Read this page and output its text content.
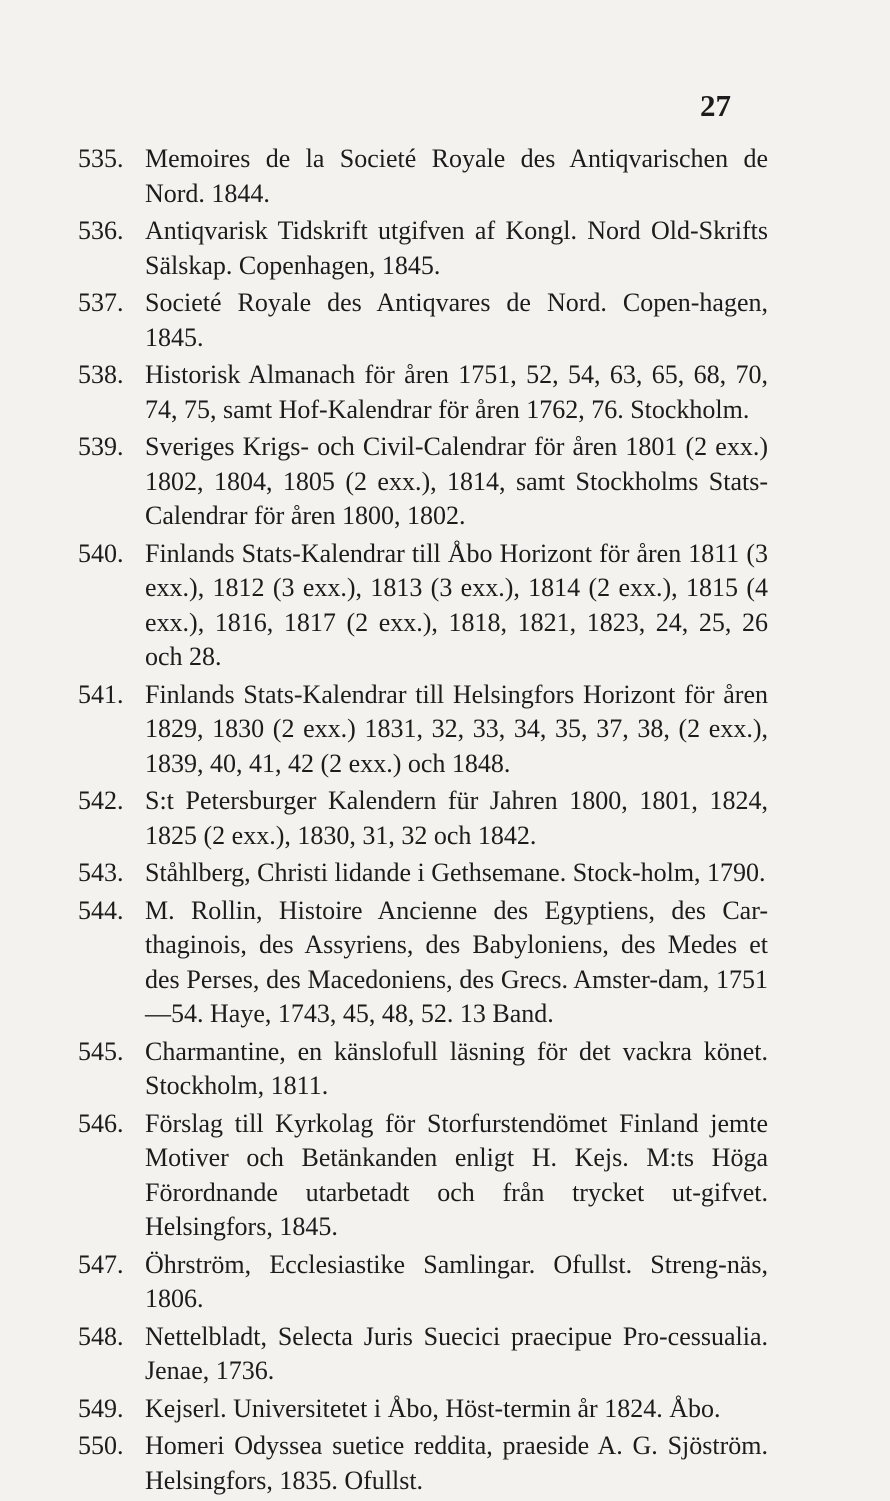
27
535. Memoires de la Societé Royale des Antiqvarischen de Nord. 1844.
536. Antiqvarisk Tidskrift utgifven af Kongl. Nord Old-Skrifts Sälskap. Copenhagen, 1845.
537. Societé Royale des Antiqvares de Nord. Copen-hagen, 1845.
538. Historisk Almanach för åren 1751, 52, 54, 63, 65, 68, 70, 74, 75, samt Hof-Kalendrar för åren 1762, 76. Stockholm.
539. Sveriges Krigs- och Civil-Calendrar för åren 1801 (2 exx.) 1802, 1804, 1805 (2 exx.), 1814, samt Stockholms Stats-Calendrar för åren 1800, 1802.
540. Finlands Stats-Kalendrar till Åbo Horizont för åren 1811 (3 exx.), 1812 (3 exx.), 1813 (3 exx.), 1814 (2 exx.), 1815 (4 exx.), 1816, 1817 (2 exx.), 1818, 1821, 1823, 24, 25, 26 och 28.
541. Finlands Stats-Kalendrar till Helsingfors Horizont för åren 1829, 1830 (2 exx.) 1831, 32, 33, 34, 35, 37, 38, (2 exx.), 1839, 40, 41, 42 (2 exx.) och 1848.
542. S:t Petersburger Kalendern für Jahren 1800, 1801, 1824, 1825 (2 exx.), 1830, 31, 32 och 1842.
543. Ståhlberg, Christi lidande i Gethsemane. Stock-holm, 1790.
544. M. Rollin, Histoire Ancienne des Egyptiens, des Car-thaginois, des Assyriens, des Babyloniens, des Medes et des Perses, des Macedoniens, des Grecs. Amster-dam, 1751—54. Haye, 1743, 45, 48, 52. 13 Band.
545. Charmantine, en känslofull läsning för det vackra könet. Stockholm, 1811.
546. Förslag till Kyrkolag för Storfurstendömet Finland jemte Motiver och Betänkanden enligt H. Kejs. M:ts Höga Förordnande utarbetadt och från trycket ut-gifvet. Helsingfors, 1845.
547. Öhrström, Ecclesiastike Samlingar. Ofullst. Streng-näs, 1806.
548. Nettelbladt, Selecta Juris Suecici praecipue Pro-cessualia. Jenae, 1736.
549. Kejserl. Universitetet i Åbo, Höst-termin år 1824. Åbo.
550. Homeri Odyssea suetice reddita, praeside A. G. Sjöström. Helsingfors, 1835. Ofullst.
